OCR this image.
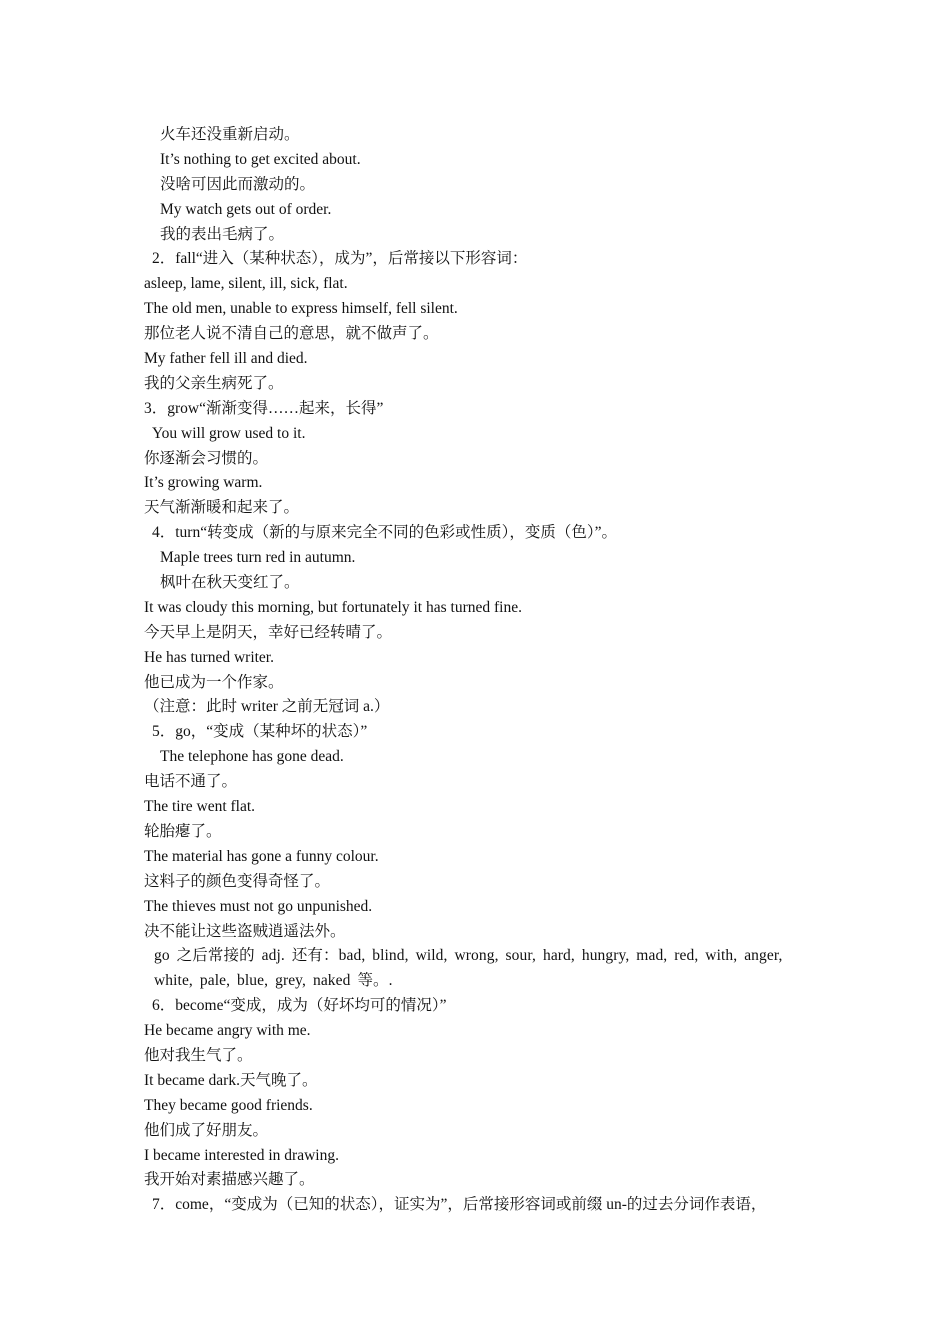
火车还没重新启动。
It’s nothing to get excited about.
没啥可因此而激动的。
My watch gets out of order.
我的表出毛病了。
2．fall“进入（某种状态），成为”，后常接以下形容词：
asleep, lame, silent, ill, sick, flat.
The old men, unable to express himself, fell silent.
那位老人说不清自己的意思，就不做声了。
My father fell ill and died.
我的父亲生病死了。
3．grow“渐渐变得……起来，长得”
You will grow used to it.
你逐渐会习惯的。
It’s growing warm.
天气渐渐暖和起来了。
4．turn“转变成（新的与原来完全不同的色彩或性质），变质（色）”。
Maple trees turn red in autumn.
枫叶在秋天变红了。
It was cloudy this morning, but fortunately it has turned fine.
今天早上是阴天，幸好已经转晴了。
He has turned writer.
他已成为一个作家。
（注意：此时 writer 之前无冠词 a.）
5．go，“变成（某种坏的状态）”
The telephone has gone dead.
电话不通了。
The tire went flat.
轮胎瘪了。
The material has gone a funny colour.
这料子的颜色变得奇怪了。
The thieves must not go unpunished.
决不能让这些盗贼逍遥法外。
go 之后常接的 adj. 还有：bad, blind, wild, wrong, sour, hard, hungry, mad, red, with, anger, white, pale, blue, grey, naked 等。.
6．become“变成，成为（好坏均可的情况）”
He became angry with me.
他对我生气了。
It became dark.天气晚了。
They became good friends.
他们成了好朋友。
I became interested in drawing.
我开始对素描感兴趣了。
7．come，“变成为（已知的状态），证实为”，后常接形容词或前缀 un-的过去分词作表语，
